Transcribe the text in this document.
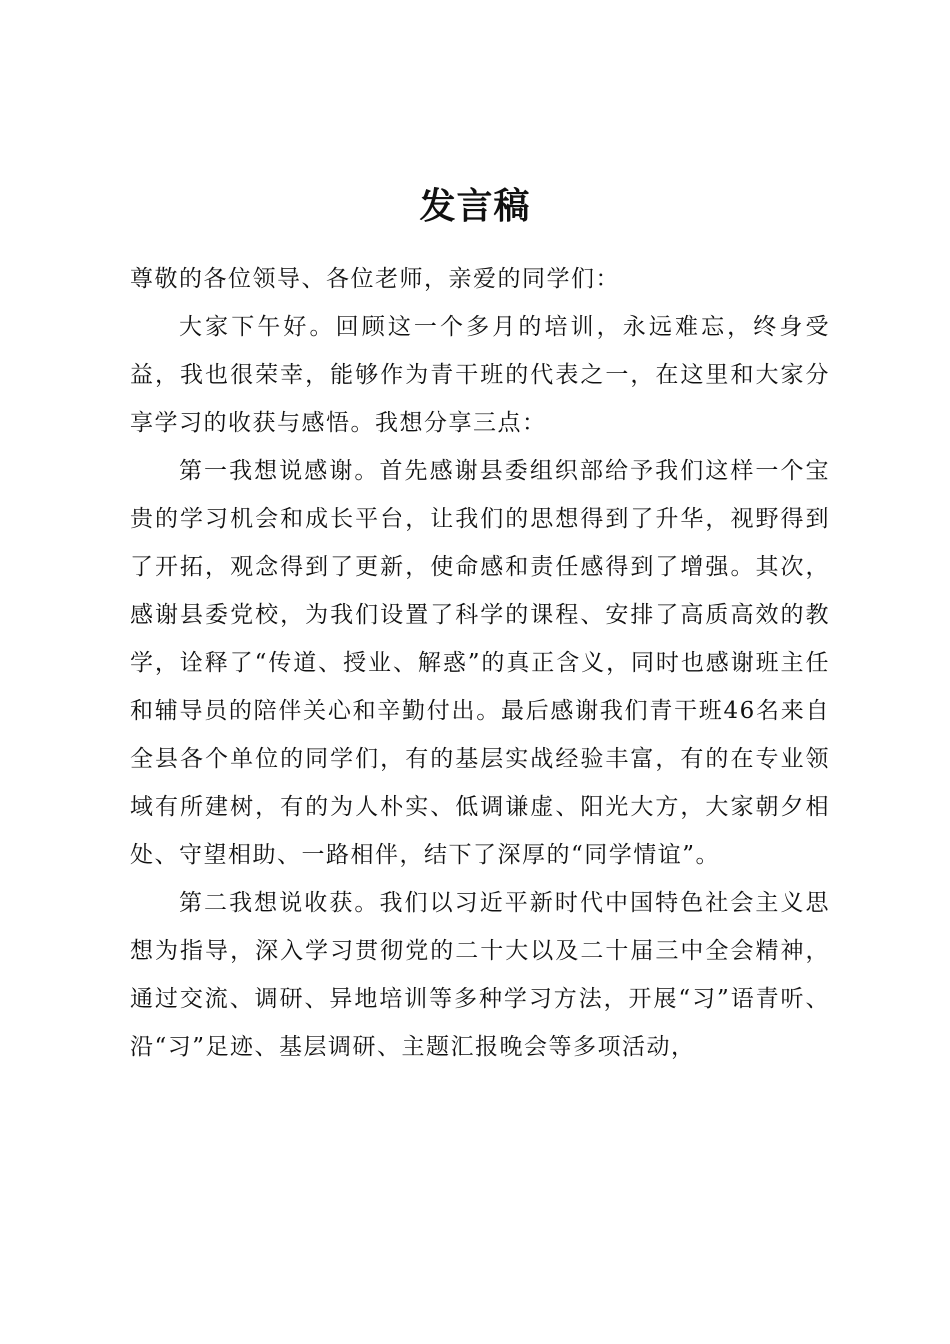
发言稿

尊敬的各位领导、各位老师，亲爱的同学们：

大家下午好。回顾这一个多月的培训，永远难忘，终身受益，我也很荣幸，能够作为青干班的代表之一，在这里和大家分享学习的收获与感悟。我想分享三点：

第一我想说感谢。首先感谢县委组织部给予我们这样一个宝贵的学习机会和成长平台，让我们的思想得到了升华，视野得到了开拓，观念得到了更新，使命感和责任感得到了增强。其次，感谢县委党校，为我们设置了科学的课程、安排了高质高效的教学，诠释了“传道、授业、解惑”的真正含义，同时也感谢班主任和辅导员的陪伴关心和辛勤付出。最后感谢我们青干班46名来自全县各个单位的同学们，有的基层实战经验丰富，有的在专业领域有所建树，有的为人朴实、低调谦虚、阳光大方，大家朝夕相处、守望相助、一路相伴，结下了深厚的“同学情谊”。

第二我想说收获。我们以习近平新时代中国特色社会主义思想为指导，深入学习贯彻党的二十大以及二十届三中全会精神，通过交流、调研、异地培训等多种学习方法，开展“习”语青听、沿“习”足迹、基层调研、主题汇报晚会等多项活动，
